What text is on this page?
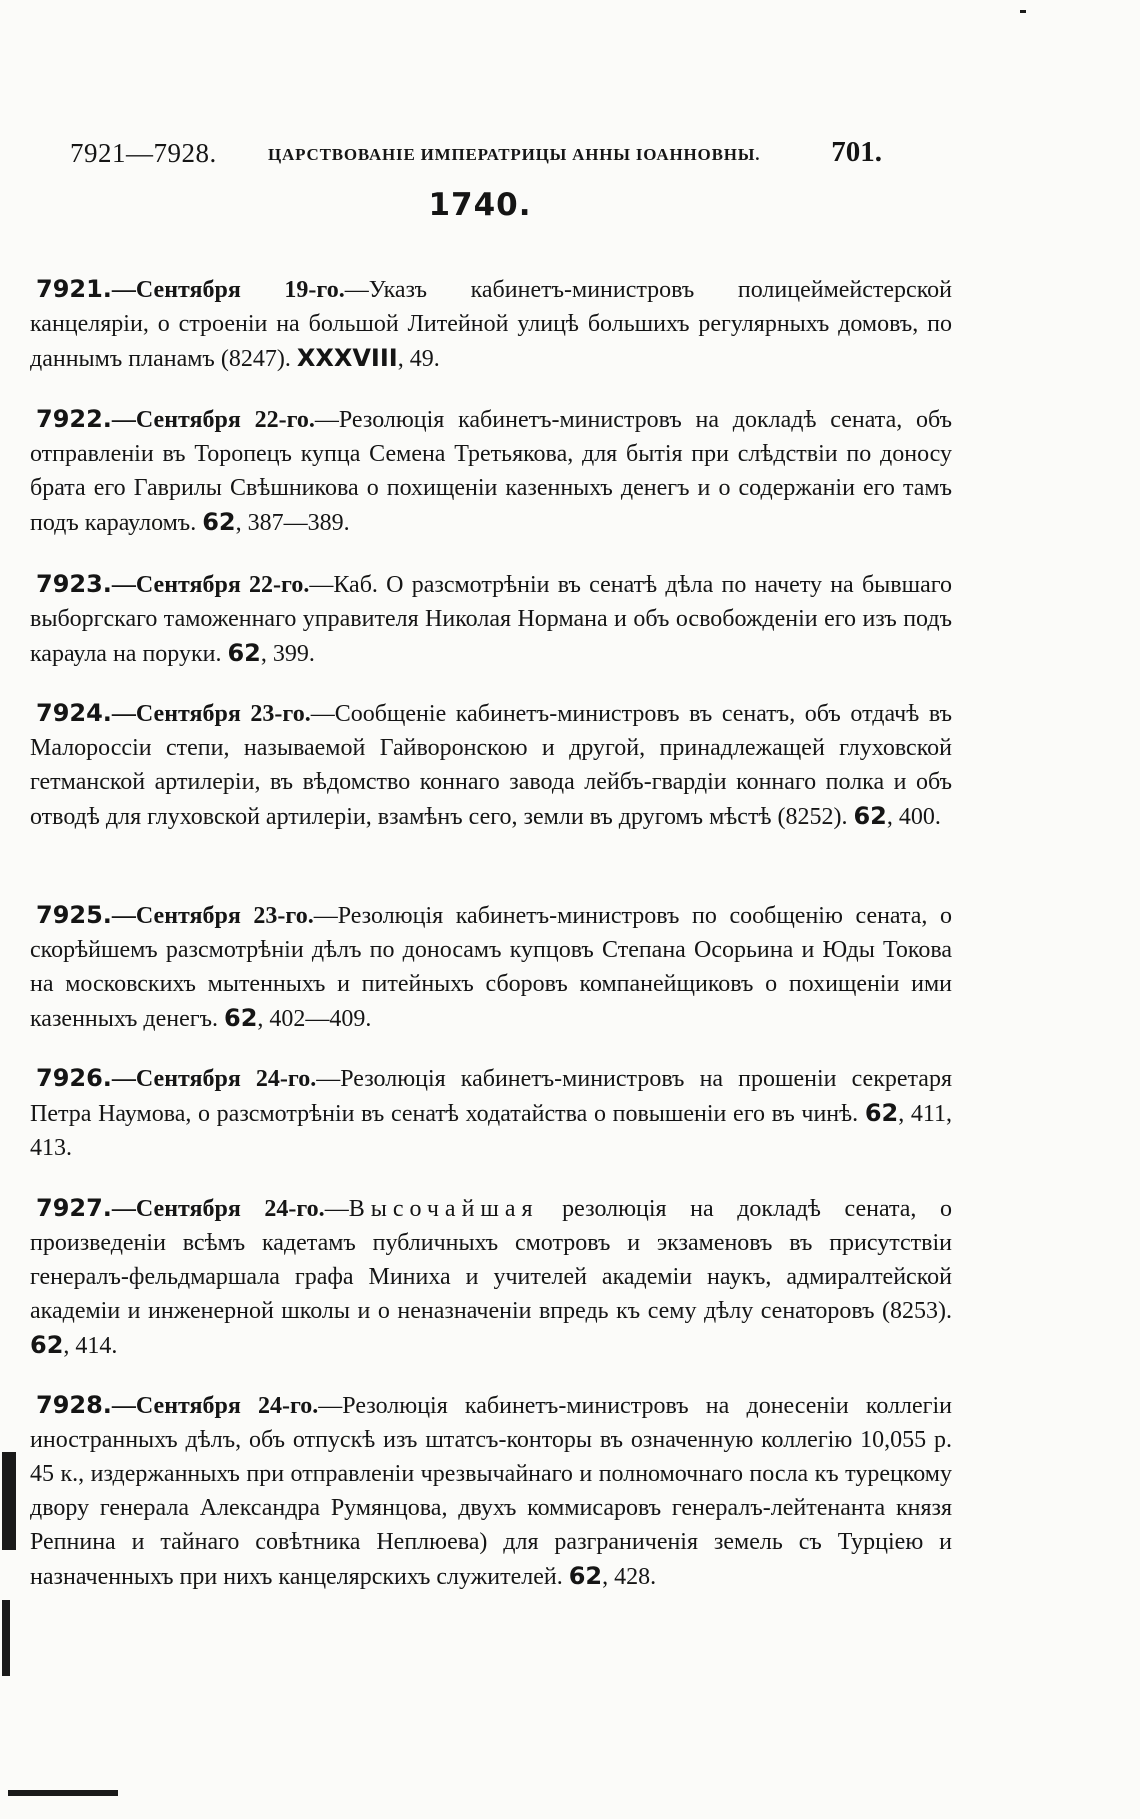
7921—7928.	ЦАРСТВОВАНІЕ ИМПЕРАТРИЦЫ АННЫ ІОАННОВНЫ. 701.
1740.

7921.—Сентября 19-го.—Указъ кабинетъ-министровъ полицеймейстерской канцеляріи, о строеніи на большой Литейной улицѣ большихъ регулярныхъ домовъ, по даннымъ планамъ (8247). XXXVIII, 49.

7922.—Сентября 22-го.—Резолюція кабинетъ-министровъ на докладѣ сената, объ отправленіи въ Торопецъ купца Семена Третьякова, для бытія при слѣдствіи по доносу брата его Гаврилы Свѣшникова о похищеніи казенныхъ денегъ и о содержаніи его тамъ подъ карауломъ. 62, 387—389.

7923.—Сентября 22-го.—Каб. О разсмотрѣніи въ сенатѣ дѣла по начету на бывшаго выборгскаго таможеннаго управителя Николая Нормана и объ освобожденіи его изъ подъ караула на поруки. 62, 399.

7924.—Сентября 23-го.—Сообщеніе кабинетъ-министровъ въ сенатъ, объ отдачѣ въ Малороссіи степи, называемой Гайворонскою и другой, принадлежащей глуховской гетманской артилеріи, въ вѣдомство коннаго завода лейбъ-гвардіи коннаго полка и объ отводѣ для глуховской артилеріи, взамѣнъ сего, земли въ другомъ мѣстѣ (8252). 62, 400.

7925.—Сентября 23-го.—Резолюція кабинетъ-министровъ по сообщенію сената, о скорѣйшемъ разсмотрѣніи дѣлъ по доносамъ купцовъ Степана Осорьина и Юды Токова на московскихъ мытенныхъ и питейныхъ сборовъ компанейщиковъ о похищеніи ими казенныхъ денегъ. 62, 402—409.

7926.—Сентября 24-го.—Резолюція кабинетъ-министровъ на прошеніи секретаря Петра Наумова, о разсмотрѣніи въ сенатѣ ходатайства о повышеніи его въ чинѣ. 62, 411, 413.

7927.—Сентября 24-го.—Высочайшая резолюція на докладѣ сената, о произведеніи всѣмъ кадетамъ публичныхъ смотровъ и экзаменовъ въ присутствіи генералъ-фельдмаршала графа Миниха и учителей академіи наукъ, адмиралтейской академіи и инженерной школы и о неназначеніи впредь къ сему дѣлу сенаторовъ (8253). 62, 414.

7928.—Сентября 24-го.—Резолюція кабинетъ-министровъ на донесеніи коллегіи иностранныхъ дѣлъ, объ отпускѣ изъ штатсъ-конторы въ означенную коллегію 10,055 р. 45 к., издержанныхъ при отправленіи чрезвычайнаго и полномочнаго посла къ турецкому двору генерала Александра Румянцова, двухъ коммисаровъ генералъ-лейтенанта князя Репнина и тайнаго совѣтника Неплюева) для разграниченія земель съ Турціею и назначенныхъ при нихъ канцелярскихъ служителей. 62, 428.
